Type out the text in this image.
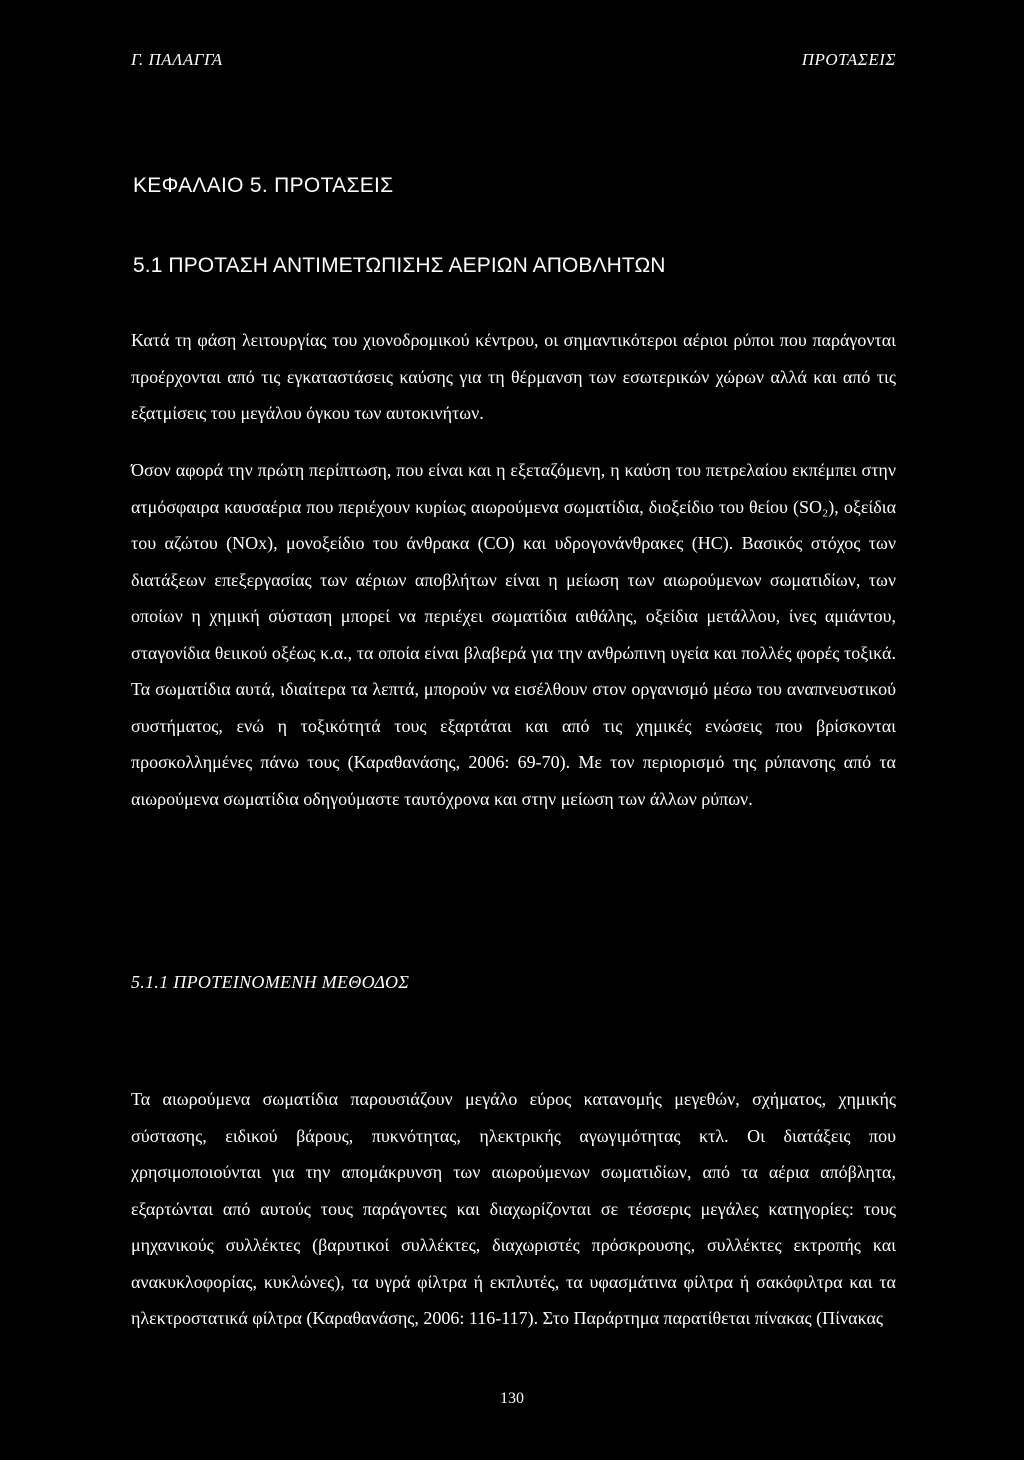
Γ. ΠΑΛΑΓΓΑ	ΠΡΟΤΑΣΕΙΣ
ΚΕΦΑΛΑΙΟ 5. ΠΡΟΤΑΣΕΙΣ
5.1 ΠΡΟΤΑΣΗ ΑΝΤΙΜΕΤΩΠΙΣΗΣ ΑΕΡΙΩΝ ΑΠΟΒΛΗΤΩΝ

Κατά τη φάση λειτουργίας του χιονοδρομικού κέντρου, οι σημαντικότεροι αέριοι ρύποι που παράγονται προέρχονται από τις εγκαταστάσεις καύσης για τη θέρμανση των εσωτερικών χώρων αλλά και από τις εξατμίσεις του μεγάλου όγκου των αυτοκινήτων.

Όσον αφορά την πρώτη περίπτωση, που είναι και η εξεταζόμενη, η καύση του πετρελαίου εκπέμπει στην ατμόσφαιρα καυσαέρια που περιέχουν κυρίως αιωρούμενα σωματίδια, διοξείδιο του θείου (SO₂), οξείδια του αζώτου (NOx), μονοξείδιο του άνθρακα (CO) και υδρογονάνθρακες (HC). Βασικός στόχος των διατάξεων επεξεργασίας των αέριων αποβλήτων είναι η μείωση των αιωρούμενων σωματιδίων, των οποίων η χημική σύσταση μπορεί να περιέχει σωματίδια αιθάλης, οξείδια μετάλλου, ίνες αμιάντου, σταγονίδια θειικού οξέως κ.α., τα οποία είναι βλαβερά για την ανθρώπινη υγεία και πολλές φορές τοξικά. Τα σωματίδια αυτά, ιδιαίτερα τα λεπτά, μπορούν να εισέλθουν στον οργανισμό μέσω του αναπνευστικού συστήματος, ενώ η τοξικότητά τους εξαρτάται και από τις χημικές ενώσεις που βρίσκονται προσκολλημένες πάνω τους (Καραθανάσης, 2006: 69-70). Με τον περιορισμό της ρύπανσης από τα αιωρούμενα σωματίδια οδηγούμαστε ταυτόχρονα και στην μείωση των άλλων ρύπων.

5.1.1 ΠΡΟΤΕΙΝΟΜΕΝΗ ΜΕΘΟΔΟΣ

Τα αιωρούμενα σωματίδια παρουσιάζουν μεγάλο εύρος κατανομής μεγεθών, σχήματος, χημικής σύστασης, ειδικού βάρους, πυκνότητας, ηλεκτρικής αγωγιμότητας κτλ. Οι διατάξεις που χρησιμοποιούνται για την απομάκρυνση των αιωρούμενων σωματιδίων, από τα αέρια απόβλητα, εξαρτώνται από αυτούς τους παράγοντες και διαχωρίζονται σε τέσσερις μεγάλες κατηγορίες: τους μηχανικούς συλλέκτες (βαρυτικοί συλλέκτες, διαχωριστές πρόσκρουσης, συλλέκτες εκτροπής και ανακυκλοφορίας, κυκλώνες), τα υγρά φίλτρα ή εκπλυτές, τα υφασμάτινα φίλτρα ή σακόφιλτρα και τα ηλεκτροστατικά φίλτρα (Καραθανάσης, 2006: 116-117). Στο Παράρτημα παρατίθεται πίνακας (Πίνακας

130
